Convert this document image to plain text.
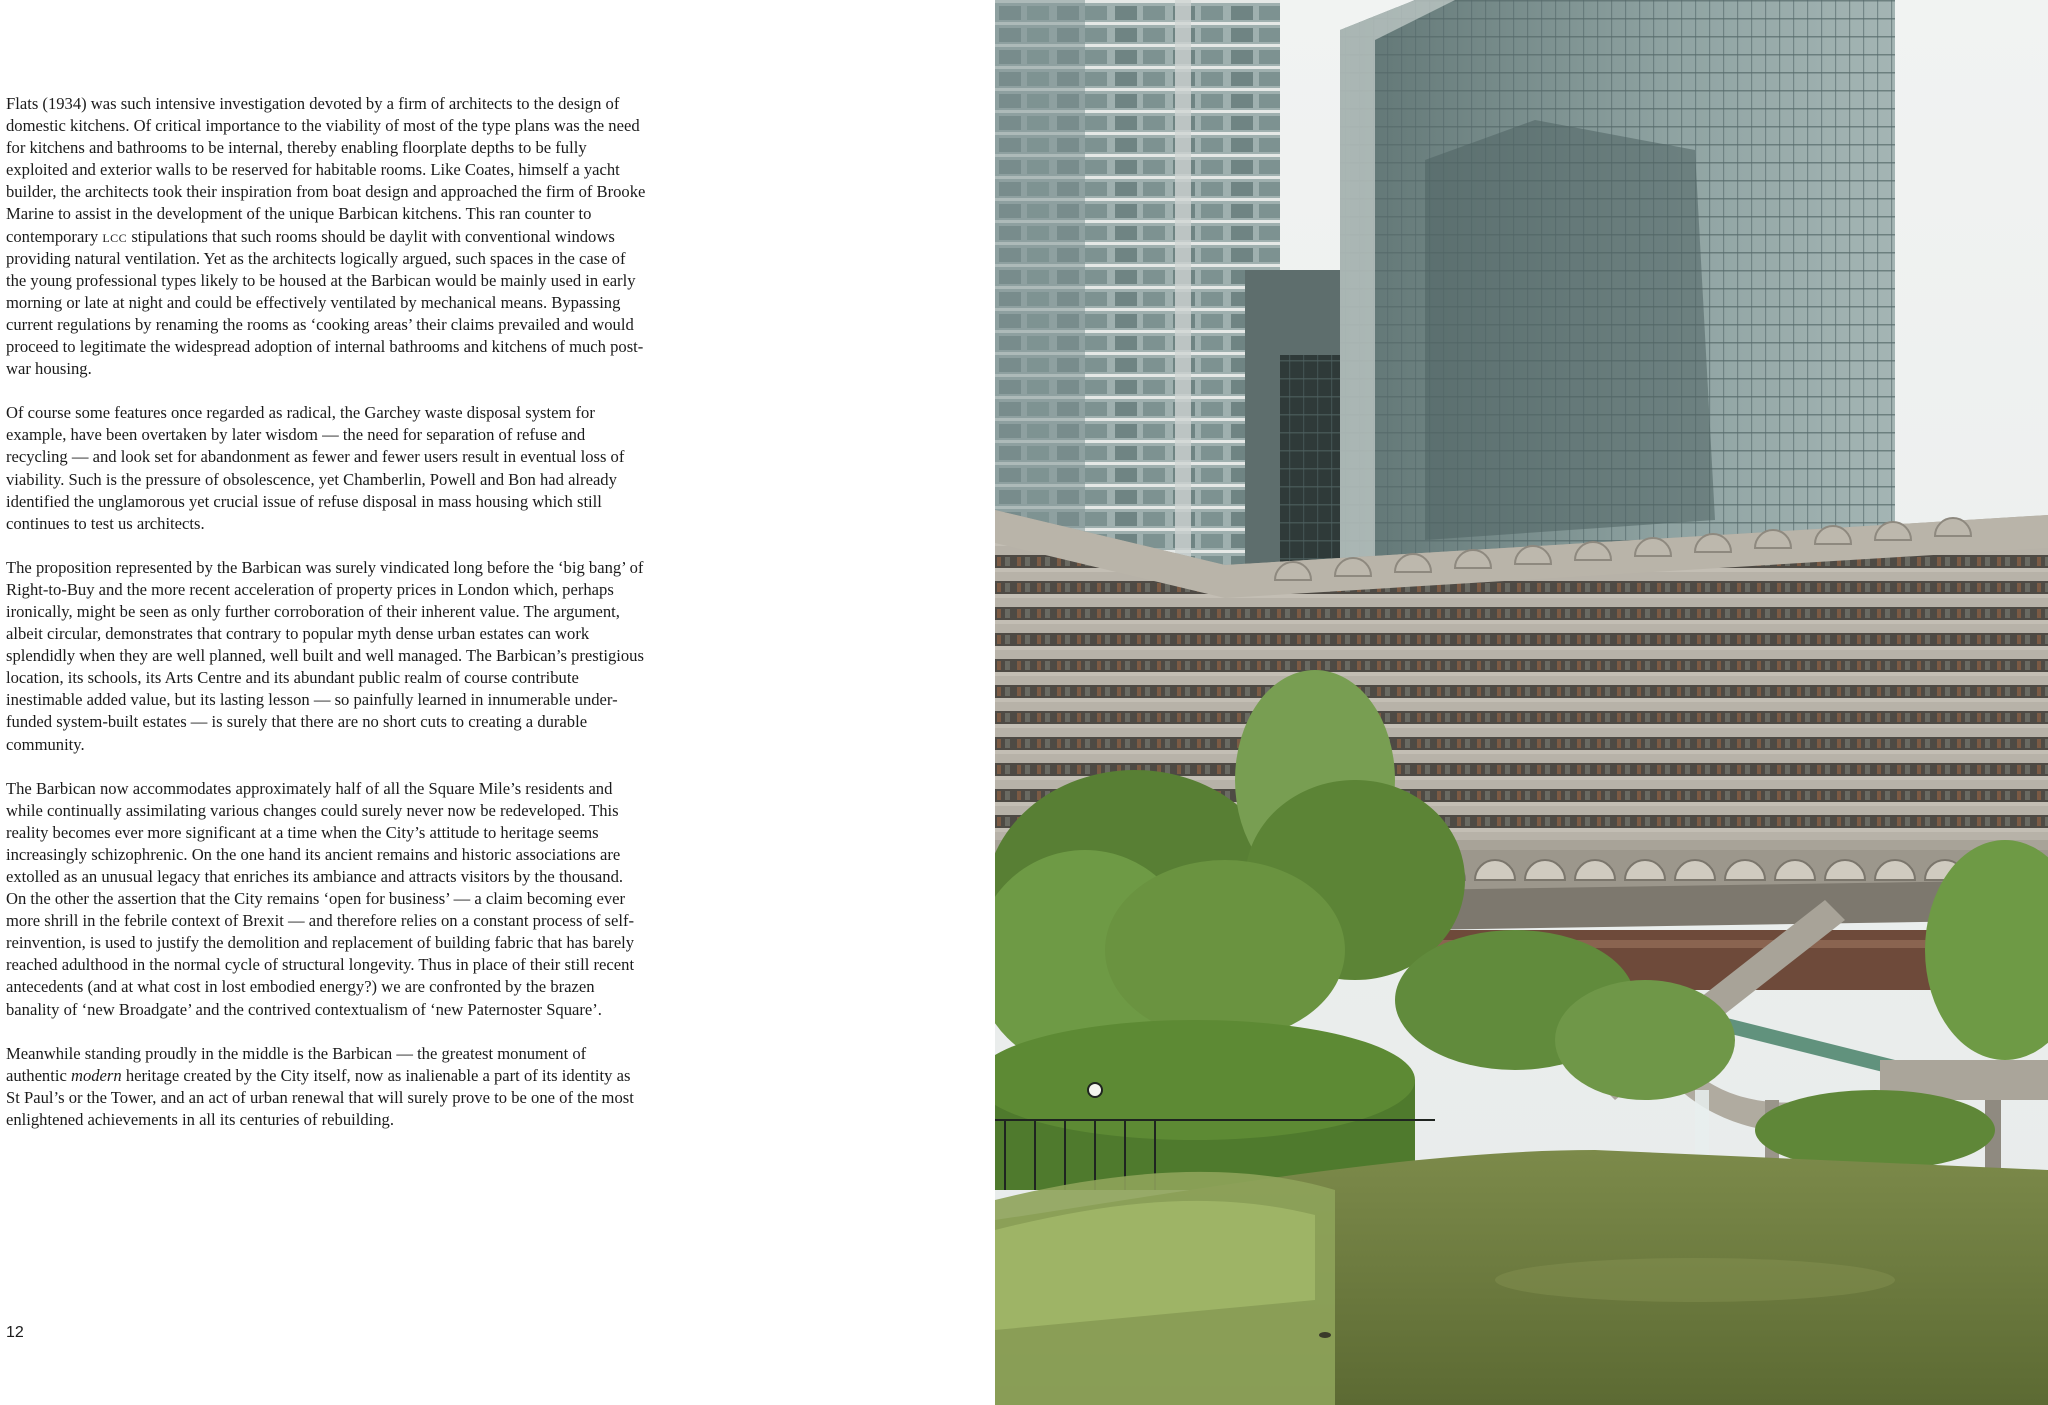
Flats (1934) was such intensive investigation devoted by a firm of architects to the design of domestic kitchens. Of critical importance to the viability of most of the type plans was the need for kitchens and bathrooms to be internal, thereby enabling floorplate depths to be fully exploited and exterior walls to be reserved for habitable rooms. Like Coates, himself a yacht builder, the architects took their inspiration from boat design and approached the firm of Brooke Marine to assist in the development of the unique Barbican kitchens. This ran counter to contemporary lcc stipulations that such rooms should be daylit with conventional windows providing natural ventilation. Yet as the architects logically argued, such spaces in the case of the young professional types likely to be housed at the Barbican would be mainly used in early morning or late at night and could be effectively ventilated by mechanical means. Bypassing current regulations by renaming the rooms as ‘cooking areas’ their claims prevailed and would proceed to legitimate the widespread adoption of internal bathrooms and kitchens of much post-war housing.

Of course some features once regarded as radical, the Garchey waste disposal system for example, have been overtaken by later wisdom — the need for separation of refuse and recycling — and look set for abandonment as fewer and fewer users result in eventual loss of viability. Such is the pressure of obsolescence, yet Chamberlin, Powell and Bon had already identified the unglamorous yet crucial issue of refuse disposal in mass housing which still continues to test us architects.

The proposition represented by the Barbican was surely vindicated long before the ‘big bang’ of Right-to-Buy and the more recent acceleration of property prices in London which, perhaps ironically, might be seen as only further corroboration of their inherent value. The argument, albeit circular, demonstrates that contrary to popular myth dense urban estates can work splendidly when they are well planned, well built and well managed. The Barbican’s prestigious location, its schools, its Arts Centre and its abundant public realm of course contribute inestimable added value, but its lasting lesson — so painfully learned in innumerable under-funded system-built estates — is surely that there are no short cuts to creating a durable community.

The Barbican now accommodates approximately half of all the Square Mile’s residents and while continually assimilating various changes could surely never now be redeveloped. This reality becomes ever more significant at a time when the City’s attitude to heritage seems increasingly schizophrenic. On the one hand its ancient remains and historic associations are extolled as an unusual legacy that enriches its ambiance and attracts visitors by the thousand. On the other the assertion that the City remains ‘open for business’ — a claim becoming ever more shrill in the febrile context of Brexit — and therefore relies on a constant process of self-reinvention, is used to justify the demolition and replacement of building fabric that has barely reached adulthood in the normal cycle of structural longevity. Thus in place of their still recent antecedents (and at what cost in lost embodied energy?) we are confronted by the brazen banality of ‘new Broadgate’ and the contrived contextualism of ‘new Paternoster Square’.

Meanwhile standing proudly in the middle is the Barbican — the greatest monument of authentic modern heritage created by the City itself, now as inalienable a part of its identity as St Paul’s or the Tower, and an act of urban renewal that will surely prove to be one of the most enlightened achievements in all its centuries of rebuilding.

12
